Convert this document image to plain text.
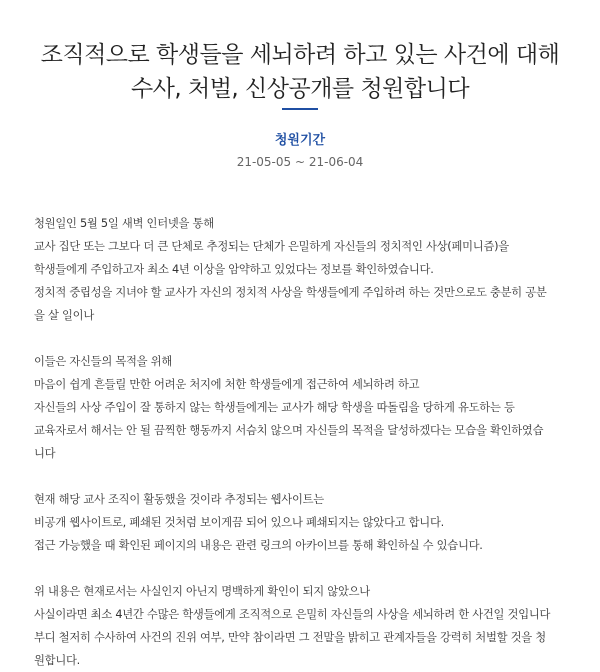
조직적으로 학생들을 세뇌하려 하고 있는 사건에 대해
수사, 처벌, 신상공개를 청원합니다
청원기간
21-05-05 ~ 21-06-04
청원일인 5월 5일 새벽 인터넷을 통해
교사 집단 또는 그보다 더 큰 단체로 추정되는 단체가 은밀하게 자신들의 정치적인 사상(페미니즘)을
학생들에게 주입하고자 최소 4년 이상을 암약하고 있었다는 정보를 확인하였습니다.
정치적 중립성을 지녀야 할 교사가 자신의 정치적 사상을 학생들에게 주입하려 하는 것만으로도 충분히 공분
을 살 일이나
이들은 자신들의 목적을 위해
마음이 쉽게 흔들릴 만한 어려운 처지에 처한 학생들에게 접근하여 세뇌하려 하고
자신들의 사상 주입이 잘 통하지 않는 학생들에게는 교사가 해당 학생을 따돌림을 당하게 유도하는 등
교육자로서 해서는 안 될 끔찍한 행동까지 서슴치 않으며 자신들의 목적을 달성하겠다는 모습을 확인하였습
니다
현재 해당 교사 조직이 활동했을 것이라 추정되는 웹사이트는
비공개 웹사이트로, 폐쇄된 것처럼 보이게끔 되어 있으나 폐쇄되지는 않았다고 합니다.
접근 가능했을 때 확인된 페이지의 내용은 관련 링크의 아카이브를 통해 확인하실 수 있습니다.
위 내용은 현재로서는 사실인지 아닌지 명백하게 확인이 되지 않았으나
사실이라면 최소 4년간 수많은 학생들에게 조직적으로 은밀히 자신들의 사상을 세뇌하려 한 사건일 것입니다
부디 철저히 수사하여 사건의 진위 여부, 만약 참이라면 그 전말을 밝히고 관계자들을 강력히 처벌할 것을 청
원합니다.
